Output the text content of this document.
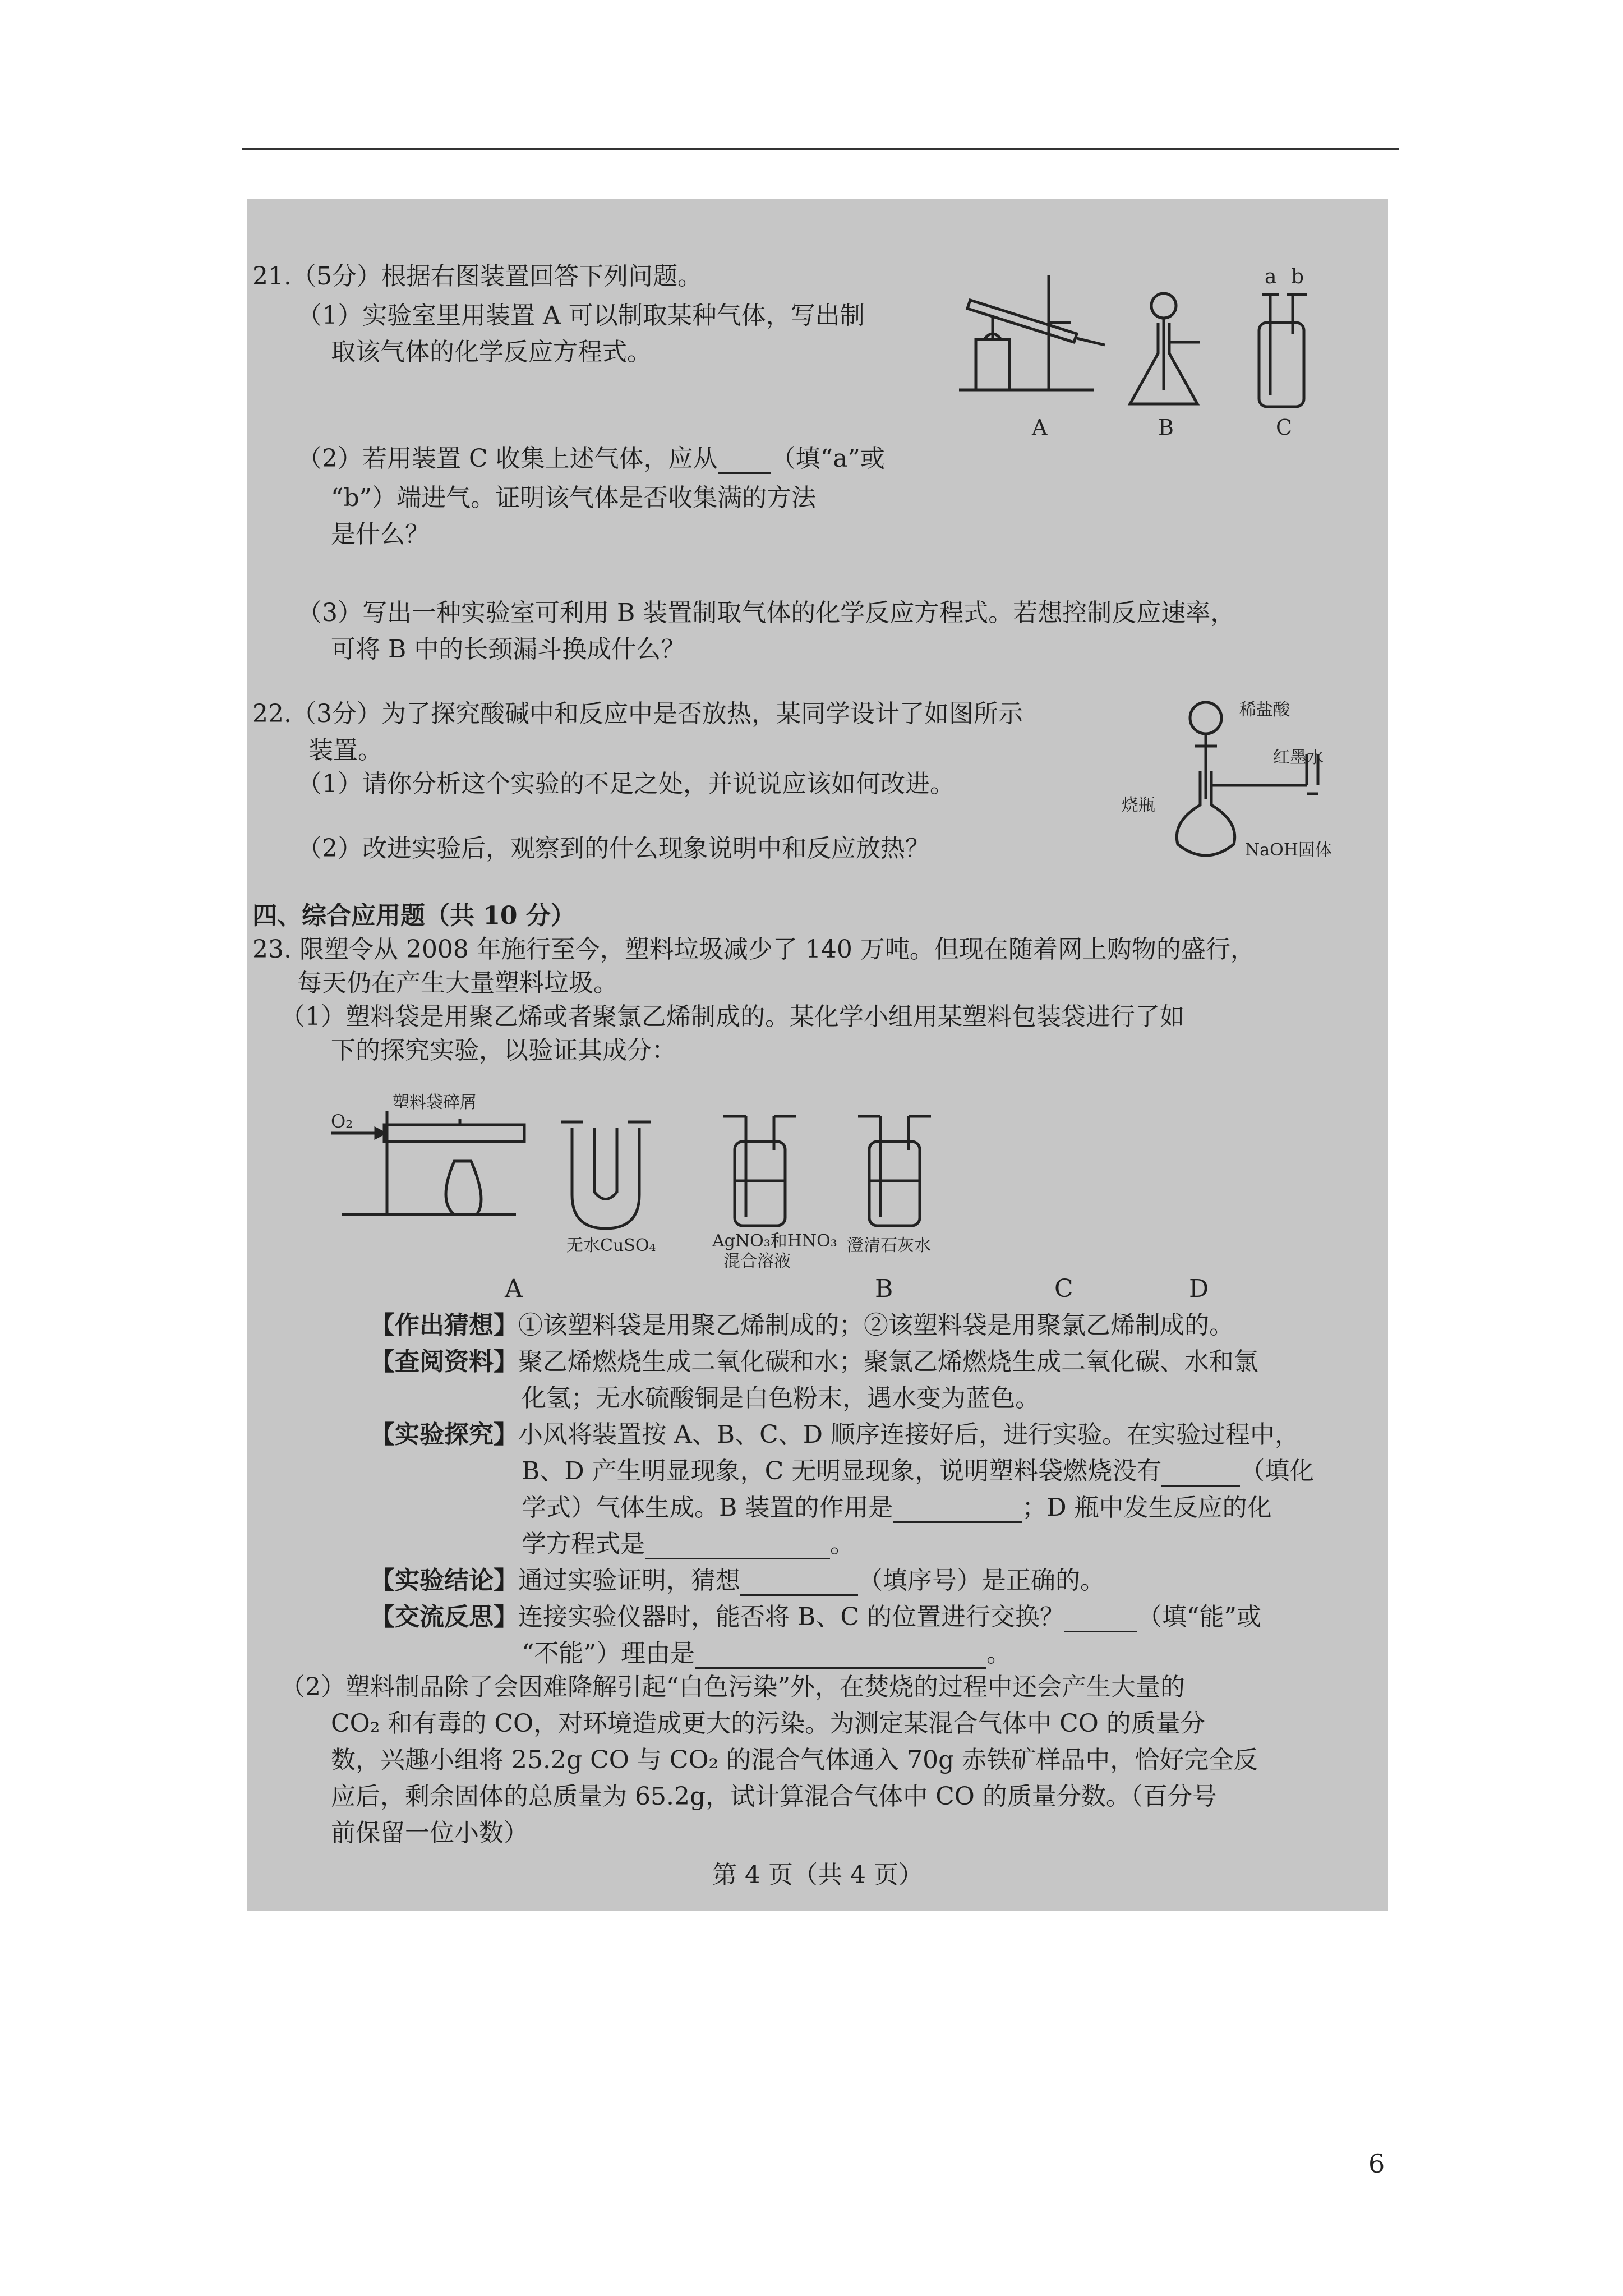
21.（5分）根据右图装置回答下列问题。
（1）实验室里用装置 A 可以制取某种气体，写出制
取该气体的化学反应方程式。
（2）若用装置 C 收集上述气体，应从 （填“a”或
“b”）端进气。证明该气体是否收集满的方法
是什么？
（3）写出一种实验室可利用 B 装置制取气体的化学反应方程式。若想控制反应速率，
可将 B 中的长颈漏斗换成什么？
A	B	C
a b
22.（3分）为了探究酸碱中和反应中是否放热，某同学设计了如图所示
装置。
（1）请你分析这个实验的不足之处，并说说应该如何改进。
（2）改进实验后，观察到的什么现象说明中和反应放热？
稀盐酸
红墨水
烧瓶
NaOH固体
四、综合应用题（共 10 分）
23. 限塑令从 2008 年施行至今，塑料垃圾减少了 140 万吨。但现在随着网上购物的盛行，
每天仍在产生大量塑料垃圾。
（1）塑料袋是用聚乙烯或者聚氯乙烯制成的。某化学小组用某塑料包装袋进行了如
下的探究实验，以验证其成分：
O₂
塑料袋碎屑
无水CuSO₄	AgNO₃和HNO₃
混合溶液
澄清石灰水
A	B	C	D
【作出猜想】①该塑料袋是用聚乙烯制成的；②该塑料袋是用聚氯乙烯制成的。
【查阅资料】聚乙烯燃烧生成二氧化碳和水；聚氯乙烯燃烧生成二氧化碳、水和氯
化氢；无水硫酸铜是白色粉末，遇水变为蓝色。
【实验探究】小风将装置按 A、B、C、D 顺序连接好后，进行实验。在实验过程中，
B、D 产生明显现象，C 无明显现象，说明塑料袋燃烧没有	（填化
学式）气体生成。B 装置的作用是	；D 瓶中发生反应的化
学方程式是	。
【实验结论】通过实验证明，猜想	（填序号）是正确的。
【交流反思】连接实验仪器时，能否将 B、C 的位置进行交换？	（填“能”或
“不能”）理由是	。
（2）塑料制品除了会因难降解引起“白色污染”外，在焚烧的过程中还会产生大量的
CO₂ 和有毒的 CO，对环境造成更大的污染。为测定某混合气体中 CO 的质量分
数，兴趣小组将 25.2g CO 与 CO₂ 的混合气体通入 70g 赤铁矿样品中，恰好完全反
应后，剩余固体的总质量为 65.2g，试计算混合气体中 CO 的质量分数。（百分号
前保留一位小数）
第 4 页（共 4 页）
6
